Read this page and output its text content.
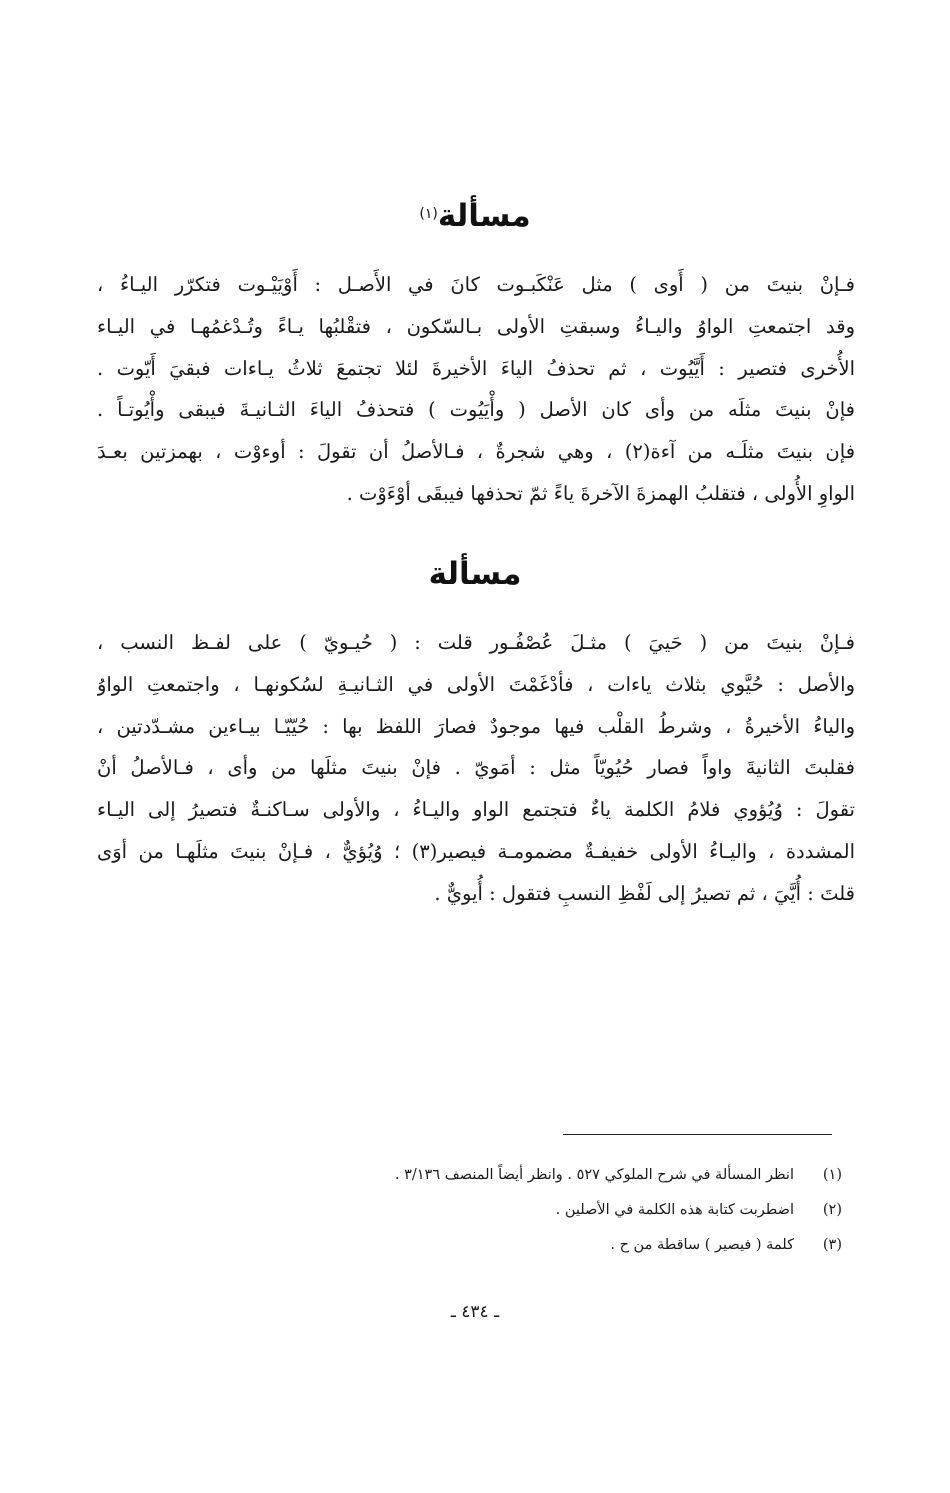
مسألة$^{(١)}$
فـإنْ بنيتَ من ( أَوى ) مثل عَنْكَبـوت كانَ في الأَصـل : أَوْيَيْـوت فتكرّر اليـاءُ ،
وقد اجتمعتِ الواوُ واليـاءُ وسبقتِ الأولى بـالسّكون ، فتقْلبُها يـاءً وتُـدْغمُهـا في اليـاء
الأُخرى فتصير : أَيَّيُوت ، ثم تحذفُ الياءَ الأخيرةَ لئلا تجتمعَ ثلاثُ يـاءات فبقيَ أَيّوت .
فإنْ بنيتَ مثلَه من وأى كان الأصل ( وأْيَيُوت ) فتحذفُ الياءَ الثـانيـةَ فيبقى وأْيُوتـاً .
فإن بنيتَ مثلَـه من آءة(٢) ، وهي شجرةٌ ، فـالأصلُ أن تقولَ : أوءوْت ، بهمزتين بعـدَ
الواوِ الأُولى ، فتقلبُ الهمزةَ الآخرةَ ياءً ثمّ تحذفها فيبقَى أوْءَوْت .
مسألة
فـإنْ بنيتَ من ( حَييَ ) مثـلَ عُصْفُـور قلت : ( حُيـويّ ) على لفـظ النسب ،
والأصل : حُيَّوي بثلاث ياءات ، فأدْغَمْتَ الأولى في الثـانيـةِ لسُكونهـا ، واجتمعتِ الواوُ
والياءُ الأخيرةُ ، وشرطُ القلْب فيها موجودٌ فصارَ اللفظ بها : حُيّيّـا بيـاءين مشـدّدتين ،
فقلبتَ الثانيةَ واواً فصار حُيُويّاً مثل : أمَويّ . فإنْ بنيتَ مثلَها من وأى ، فـالأصلُ أنْ
تقولَ : وُيُؤوي فلامُ الكلمة ياءٌ فتجتمع الواو واليـاءُ ، والأولى سـاكنـةٌ فتصيرُ إلى اليـاء
المشددة ، واليـاءُ الأولى خفيفـةٌ مضمومـة فيصير(٣) ؛ وُيُؤيٌّ ، فـإنْ بنيتَ مثلَهـا من أوَى
قلتَ : أُيَّيَ ، ثم تصيرُ إلى لَفْظِ النسبِ فتقول : أُيويٌّ .
(١)
انظر المسألة في شرح الملوكي ٥٢٧ . وانظر أيضاً المنصف ٣/١٣٦ .
(٢)
اضطربت كتابة هذه الكلمة في الأصلين .
(٣)
كلمة ( فيصير ) ساقطة من ح .
ـ ٤٣٤ ـ
